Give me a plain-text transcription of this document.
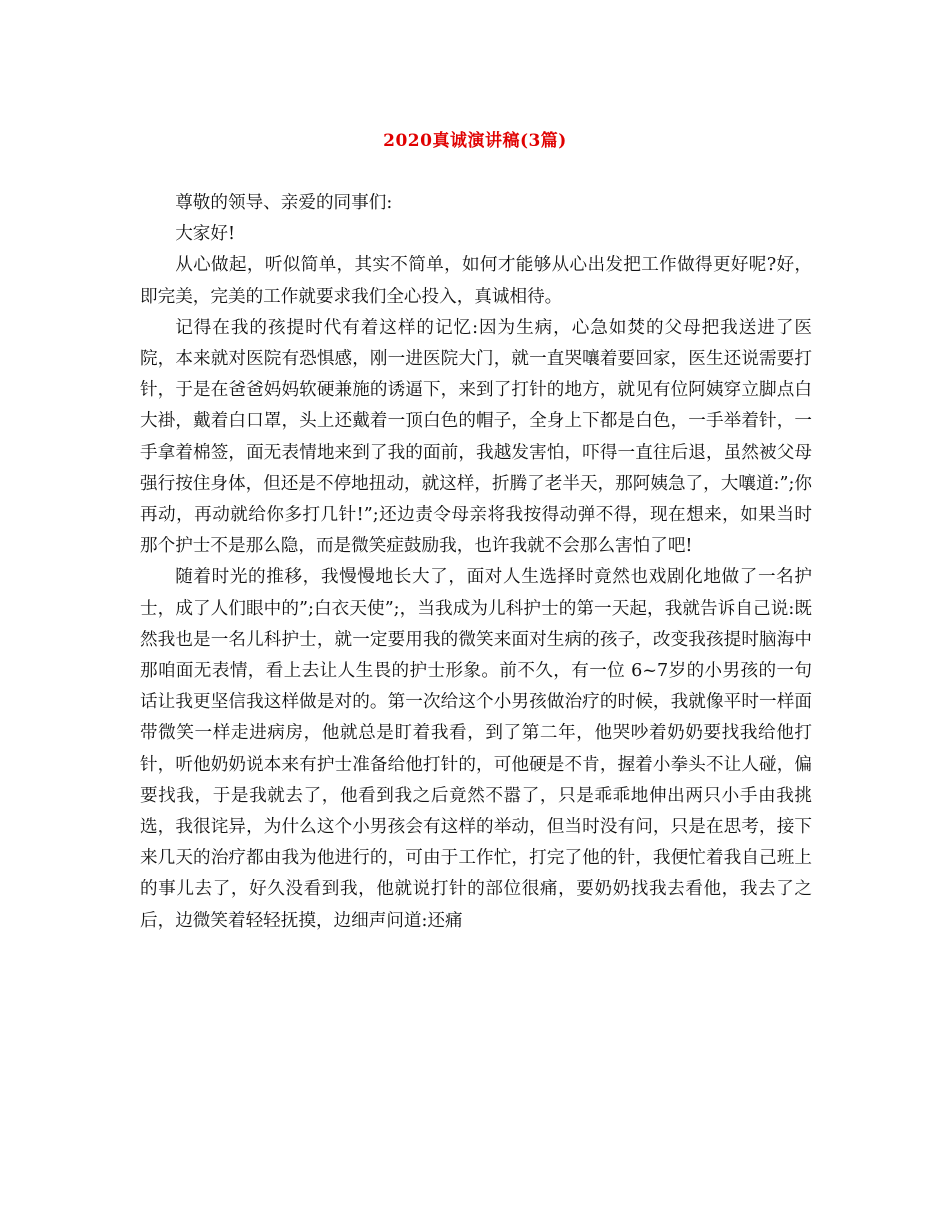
2020真诚演讲稿(3篇)

尊敬的领导、亲爱的同事们:

大家好!

从心做起，听似简单，其实不简单，如何才能够从心出发把工作做得更好呢?好，即完美，完美的工作就要求我们全心投入，真诚相待。

记得在我的孩提时代有着这样的记忆:因为生病，心急如焚的父母把我送进了医院，本来就对医院有恐惧感，刚一进医院大门，就一直哭嚷着要回家，医生还说需要打针，于是在爸爸妈妈软硬兼施的诱逼下，来到了打针的地方，就见有位阿姨穿立脚点白大褂，戴着白口罩，头上还戴着一顶白色的帽子，全身上下都是白色，一手举着针，一手拿着棉签，面无表情地来到了我的面前，我越发害怕，吓得一直往后退，虽然被父母强行按住身体，但还是不停地扭动，就这样，折腾了老半天，那阿姨急了，大嚷道:”;你再动，再动就给你多打几针!”;还边责令母亲将我按得动弹不得，现在想来，如果当时那个护士不是那么隐，而是微笑症鼓励我，也许我就不会那么害怕了吧!

随着时光的推移，我慢慢地长大了，面对人生选择时竟然也戏剧化地做了一名护士，成了人们眼中的”;白衣天使”;，当我成为儿科护士的第一天起，我就告诉自己说:既然我也是一名儿科护士，就一定要用我的微笑来面对生病的孩子，改变我孩提时脑海中那咱面无表情，看上去让人生畏的护士形象。前不久，有一位 6~7岁的小男孩的一句话让我更坚信我这样做是对的。第一次给这个小男孩做治疗的时候，我就像平时一样面带微笑一样走进病房，他就总是盯着我看，到了第二年，他哭吵着奶奶要找我给他打针，听他奶奶说本来有护士准备给他打针的，可他硬是不肯，握着小拳头不让人碰，偏要找我，于是我就去了，他看到我之后竟然不嚣了，只是乖乖地伸出两只小手由我挑选，我很诧异，为什么这个小男孩会有这样的举动，但当时没有问，只是在思考，接下来几天的治疗都由我为他进行的，可由于工作忙，打完了他的针，我便忙着我自己班上的事儿去了，好久没看到我，他就说打针的部位很痛，要奶奶找我去看他，我去了之后，边微笑着轻轻抚摸，边细声问道:还痛
